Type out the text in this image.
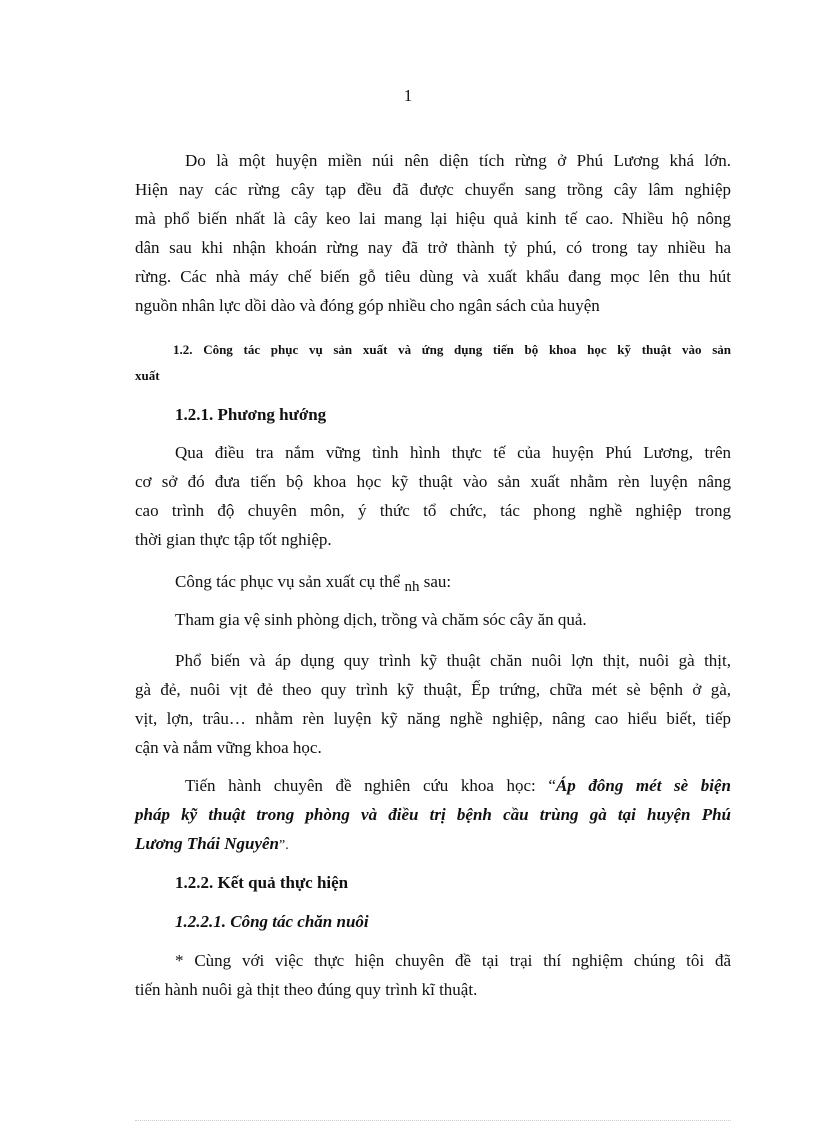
1
Do là một huyện miền núi nên diện tích rừng ở Phú Lương khá lớn.
Hiện nay các rừng cây tạp đều đã được chuyển sang trồng cây lâm nghiệp
mà phổ biến nhất là cây keo lai mang lại hiệu quả kinh tế cao. Nhiều hộ nông
dân sau khi nhận khoán rừng nay đã trở thành tỷ phú, có trong tay nhiều ha
rừng. Các nhà máy chế biến gỗ tiêu dùng và xuất khẩu đang mọc lên thu hút
nguồn nhân lực dồi dào và đóng góp nhiều cho ngân sách của huyện
1.2. Công tác phục vụ sản xuất và ứng dụng tiến bộ khoa học kỹ thuật vào sản
xuất
1.2.1. Phương hướng
Qua điều tra nắm vững tình hình thực tế của huyện Phú Lương, trên
cơ sở đó đưa tiến bộ khoa học kỹ thuật vào sản xuất nhằm rèn luyện nâng
cao trình độ chuyên môn, ý thức tổ chức, tác phong nghề nghiệp trong
thời gian thực tập tốt nghiệp.
Công tác phục vụ sản xuất cụ thể nh sau:
Tham gia vệ sinh phòng dịch, trồng và chăm sóc cây ăn quả.
Phổ biến và áp dụng quy trình kỹ thuật chăn nuôi lợn thịt, nuôi gà thịt,
gà đẻ, nuôi vịt đẻ theo quy trình kỹ thuật, Ếp trứng, chữa mét sè bệnh ở gà,
vịt, lợn, trâu… nhằm rèn luyện kỹ năng nghề nghiệp, nâng cao hiểu biết, tiếp
cận và nắm vững khoa học.
Tiến hành chuyên đề nghiên cứu khoa học: “Áp đông mét sè biện
pháp kỹ thuật trong phòng và điều trị bệnh cầu trùng gà tại huyện Phú
Lương Thái Nguyên”.
1.2.2. Kết quả thực hiện
1.2.2.1. Công tác chăn nuôi
* Cùng với việc thực hiện chuyên đề tại trại thí nghiệm chúng tôi đã
tiến hành nuôi gà thịt theo đúng quy trình kĩ thuật.
